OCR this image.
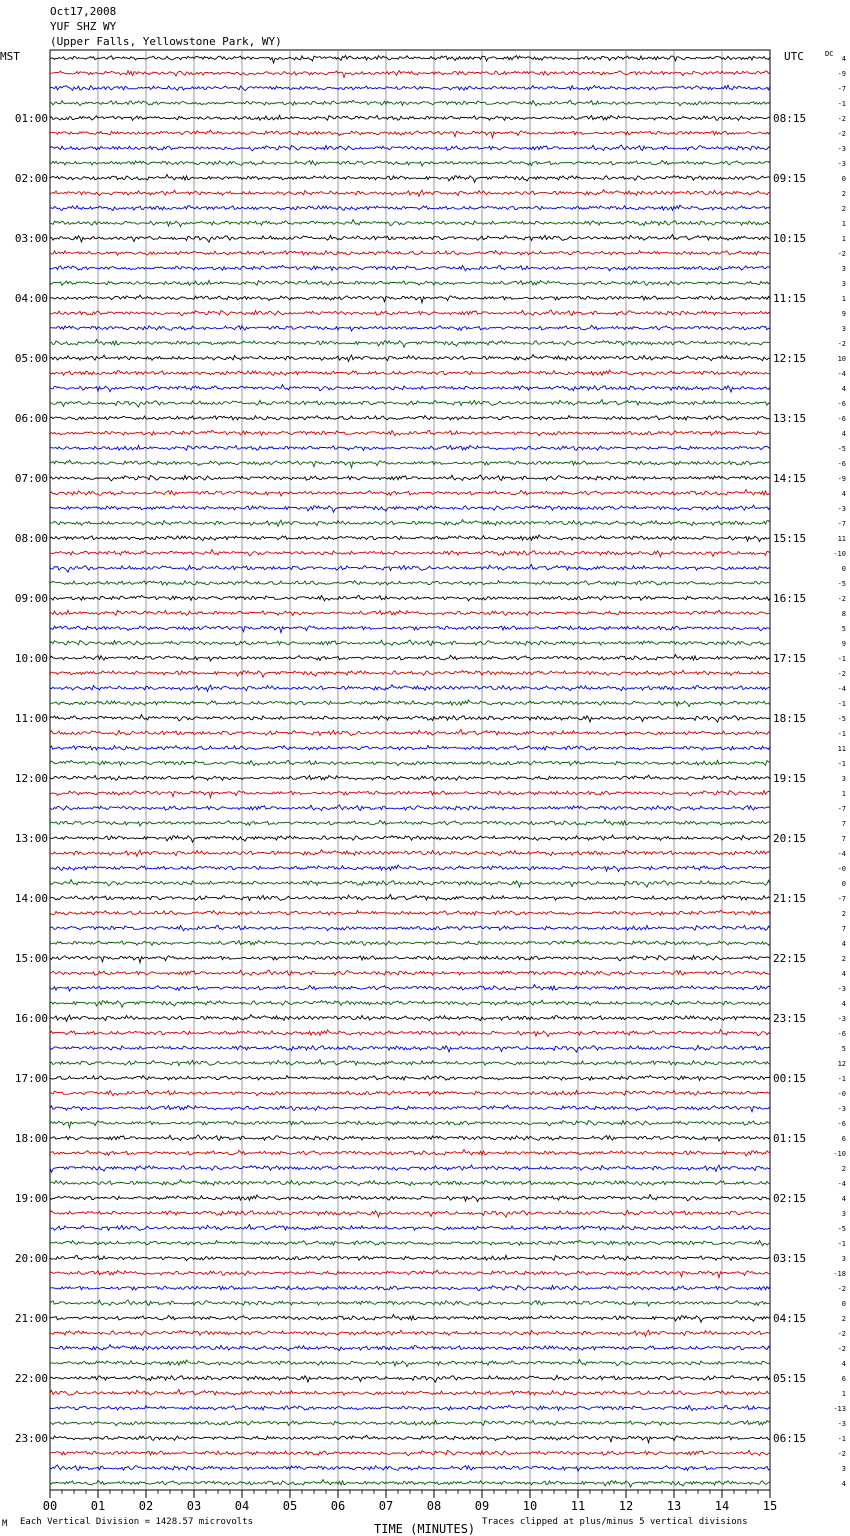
Oct17,2008
YUF SHZ WY
(Upper Falls, Yellowstone Park, WY)
MST	UTC	DC
4
-9
-7
-1
-2
-2
-3
-3
0
2
2
1
1
-2
3
3
1
9
3
-2
10
-4
4
-6
-6
4
-5
-6
-9
4
-3
-7
11
-10
0
-5
-2
8
5
9
-1
-2
-4
-1
-5
-1
11
-1
3
1
-7
7
7
-4
-0
0
-7
2
7
4
2
4
-3
4
-3
-6
5
12
-1
-0
-3
-6
6
-10
2
-4
4
3
-5
-1
3
-18
-2
0
2
-2
-2
4
6
1
-13
-3
-1
-2
3
4
01:00
02:00
03:00
04:00
05:00
06:00
07:00
08:00
09:00
10:00
11:00
12:00
13:00
14:00
15:00
16:00
17:00
18:00
19:00
20:00
21:00
22:00
23:00
08:15
09:15
10:15
11:15
12:15
13:15
14:15
15:15
16:15
17:15
18:15
19:15
20:15
21:15
22:15
23:15
00:15
01:15
02:15
03:15
04:15
05:15
06:15
00	01	02	03	04	05	06	07	08	09	10	11	12	13	14	15
M Each Vertical Division = 1428.57 microvolts	TIME (MINUTES) Traces clipped at plus/minus 5 vertical divisions
